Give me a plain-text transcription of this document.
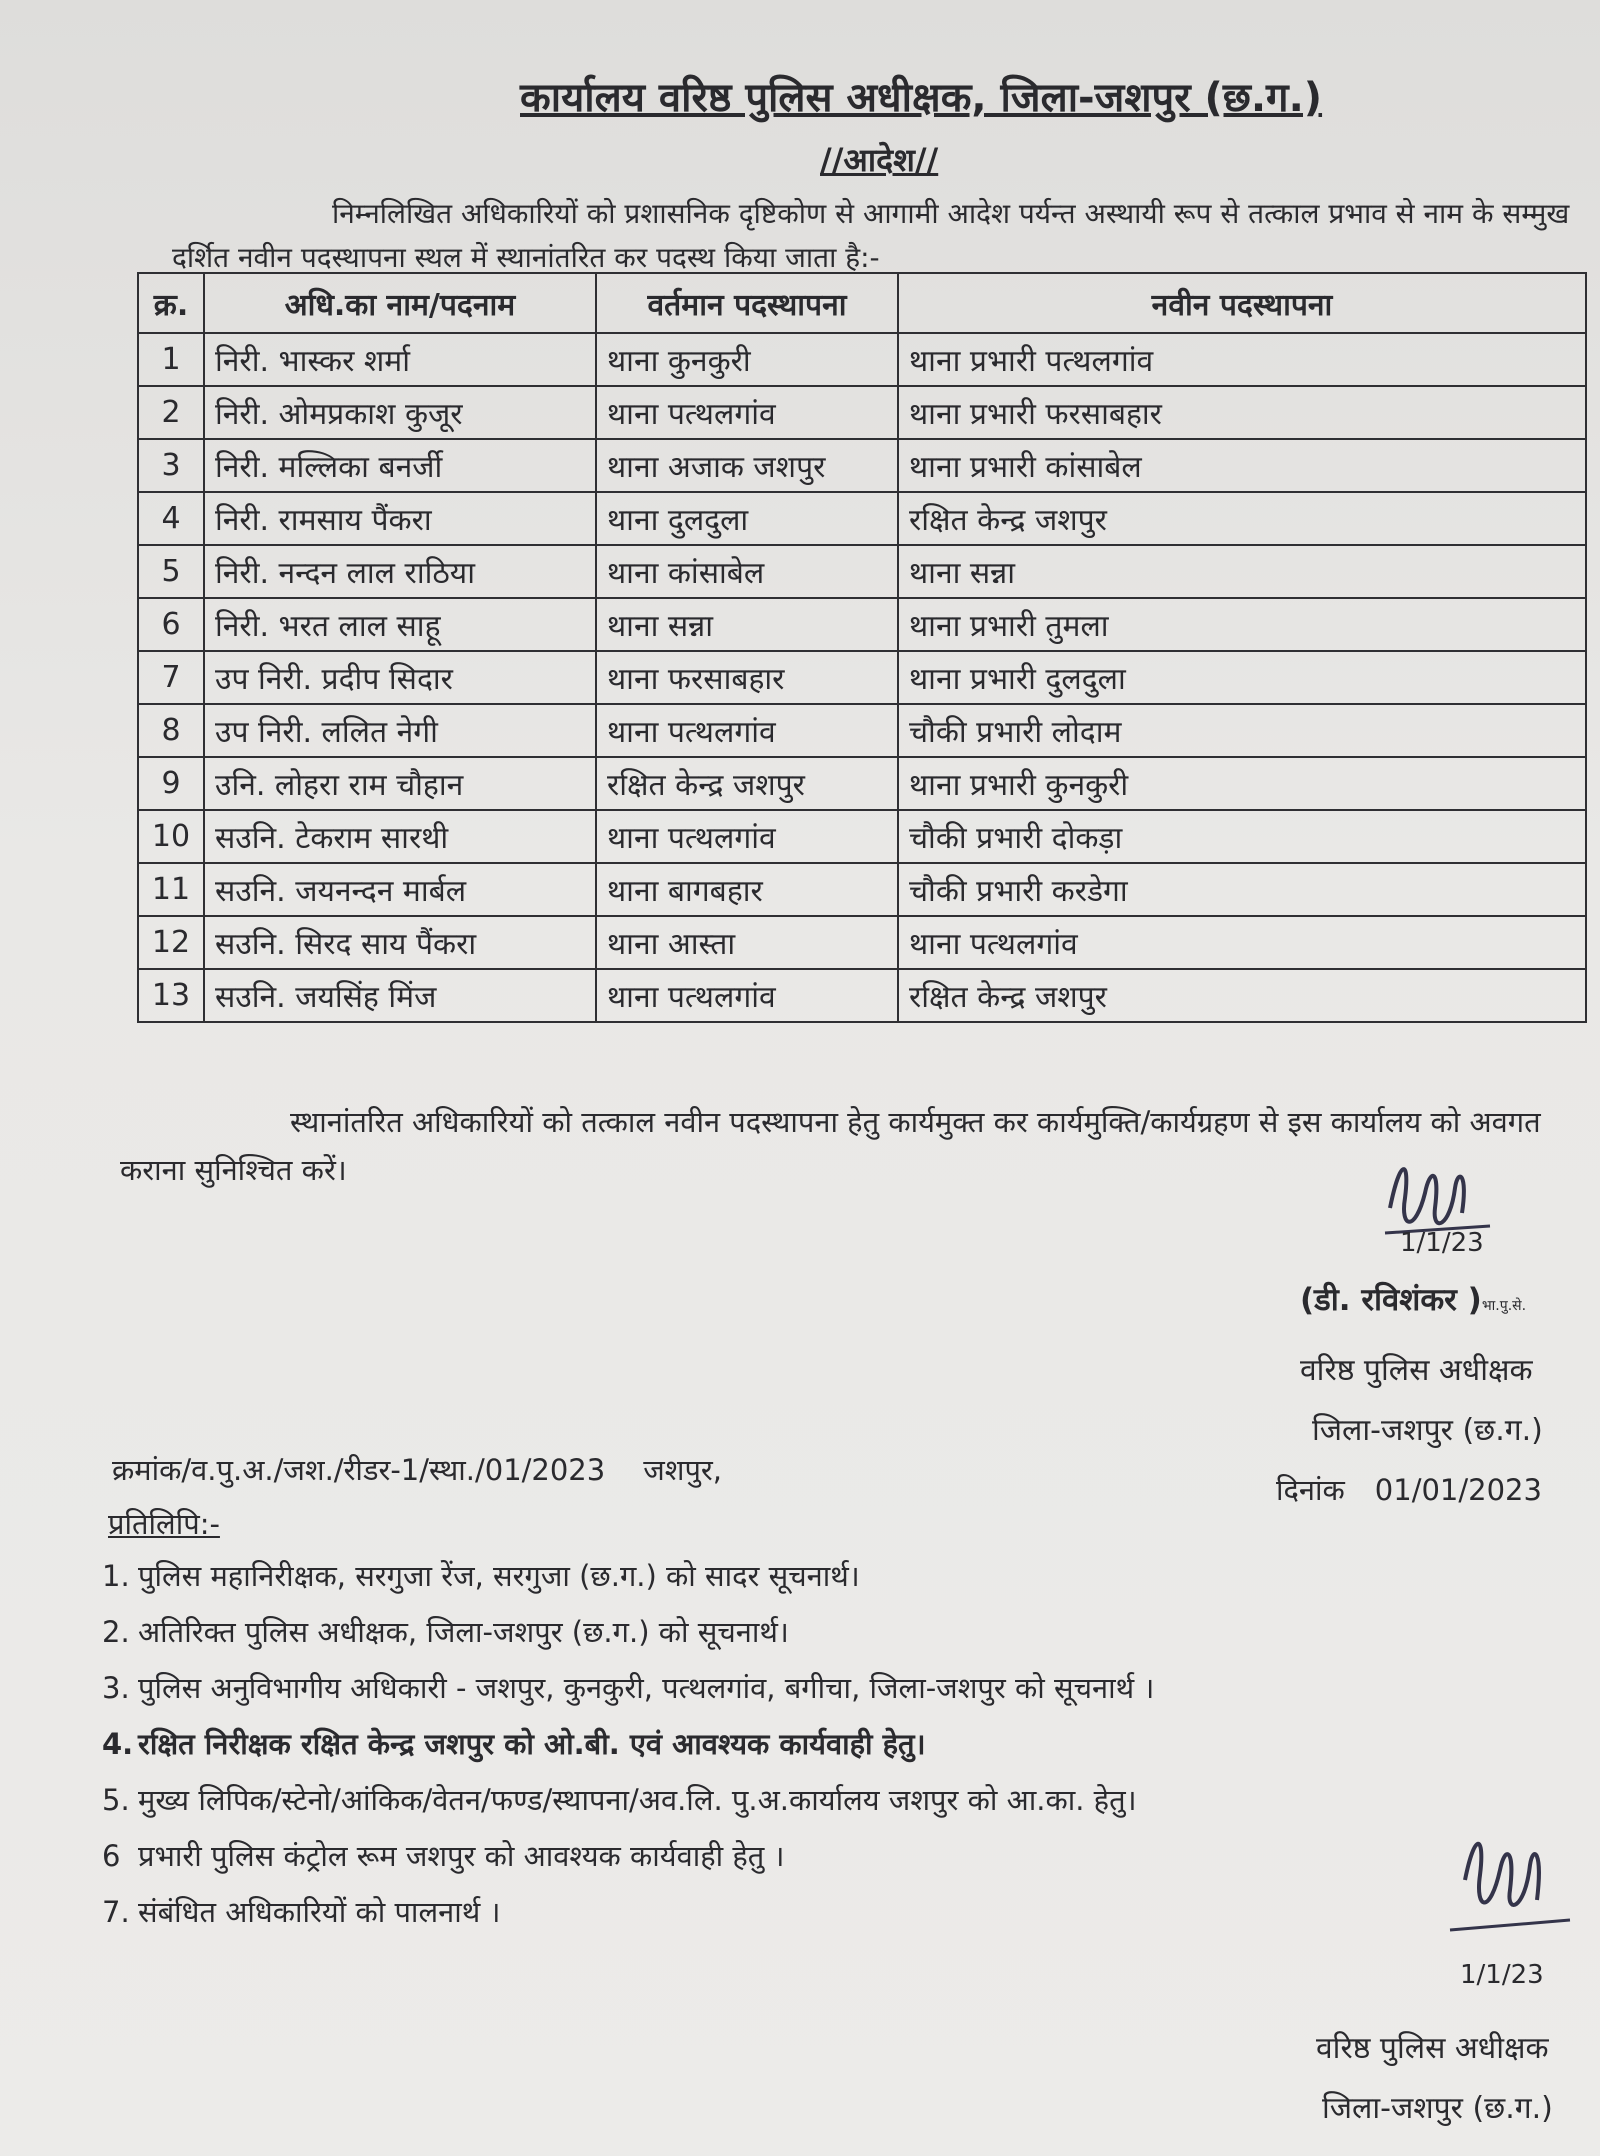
कार्यालय वरिष्ठ पुलिस अधीक्षक, जिला-जशपुर (छ.ग.)
//आदेश//
निम्नलिखित अधिकारियों को प्रशासनिक दृष्टिकोण से आगामी आदेश पर्यन्त अस्थायी रूप से तत्काल प्रभाव से नाम के सम्मुख दर्शित नवीन पदस्थापना स्थल में स्थानांतरित कर पदस्थ किया जाता है:-
क्र.	अधि.का नाम/पदनाम	वर्तमान पदस्थापना	नवीन पदस्थापना
1	निरी. भास्कर शर्मा	थाना कुनकुरी	थाना प्रभारी पत्थलगांव
2	निरी. ओमप्रकाश कुजूर	थाना पत्थलगांव	थाना प्रभारी फरसाबहार
3	निरी. मल्लिका बनर्जी	थाना अजाक जशपुर	थाना प्रभारी कांसाबेल
4	निरी. रामसाय पैंकरा	थाना दुलदुला	रक्षित केन्द्र जशपुर
5	निरी. नन्दन लाल राठिया	थाना कांसाबेल	थाना सन्ना
6	निरी. भरत लाल साहू	थाना सन्ना	थाना प्रभारी तुमला
7	उप निरी. प्रदीप सिदार	थाना फरसाबहार	थाना प्रभारी दुलदुला
8	उप निरी. ललित नेगी	थाना पत्थलगांव	चौकी प्रभारी लोदाम
9	उनि. लोहरा राम चौहान	रक्षित केन्द्र जशपुर	थाना प्रभारी कुनकुरी
10	सउनि. टेकराम सारथी	थाना पत्थलगांव	चौकी प्रभारी दोकड़ा
11	सउनि. जयनन्दन मार्बल	थाना बागबहार	चौकी प्रभारी करडेगा
12	सउनि. सिरद साय पैंकरा	थाना आस्ता	थाना पत्थलगांव
13	सउनि. जयसिंह मिंज	थाना पत्थलगांव	रक्षित केन्द्र जशपुर
स्थानांतरित अधिकारियों को तत्काल नवीन पदस्थापना हेतु कार्यमुक्त कर कार्यमुक्ति/कार्यग्रहण से इस कार्यालय को अवगत कराना सुनिश्चित करें।
1/1/23
(डी. रविशंकर )भा.पु.से.
वरिष्ठ पुलिस अधीक्षक
जिला-जशपुर (छ.ग.)
क्रमांक/व.पु.अ./जश./रीडर-1/स्था./01/2023 जशपुर,
दिनांक 01/01/2023
प्रतिलिपि:-
1. पुलिस महानिरीक्षक, सरगुजा रेंज, सरगुजा (छ.ग.) को सादर सूचनार्थ।
2. अतिरिक्त पुलिस अधीक्षक, जिला-जशपुर (छ.ग.) को सूचनार्थ।
3. पुलिस अनुविभागीय अधिकारी - जशपुर, कुनकुरी, पत्थलगांव, बगीचा, जिला-जशपुर को सूचनार्थ ।
4. रक्षित निरीक्षक रक्षित केन्द्र जशपुर को ओ.बी. एवं आवश्यक कार्यवाही हेतु।
5. मुख्य लिपिक/स्टेनो/आंकिक/वेतन/फण्ड/स्थापना/अव.लि. पु.अ.कार्यालय जशपुर को आ.का. हेतु।
6 प्रभारी पुलिस कंट्रोल रूम जशपुर को आवश्यक कार्यवाही हेतु ।
7. संबंधित अधिकारियों को पालनार्थ ।
1/1/23
वरिष्ठ पुलिस अधीक्षक
जिला-जशपुर (छ.ग.)
